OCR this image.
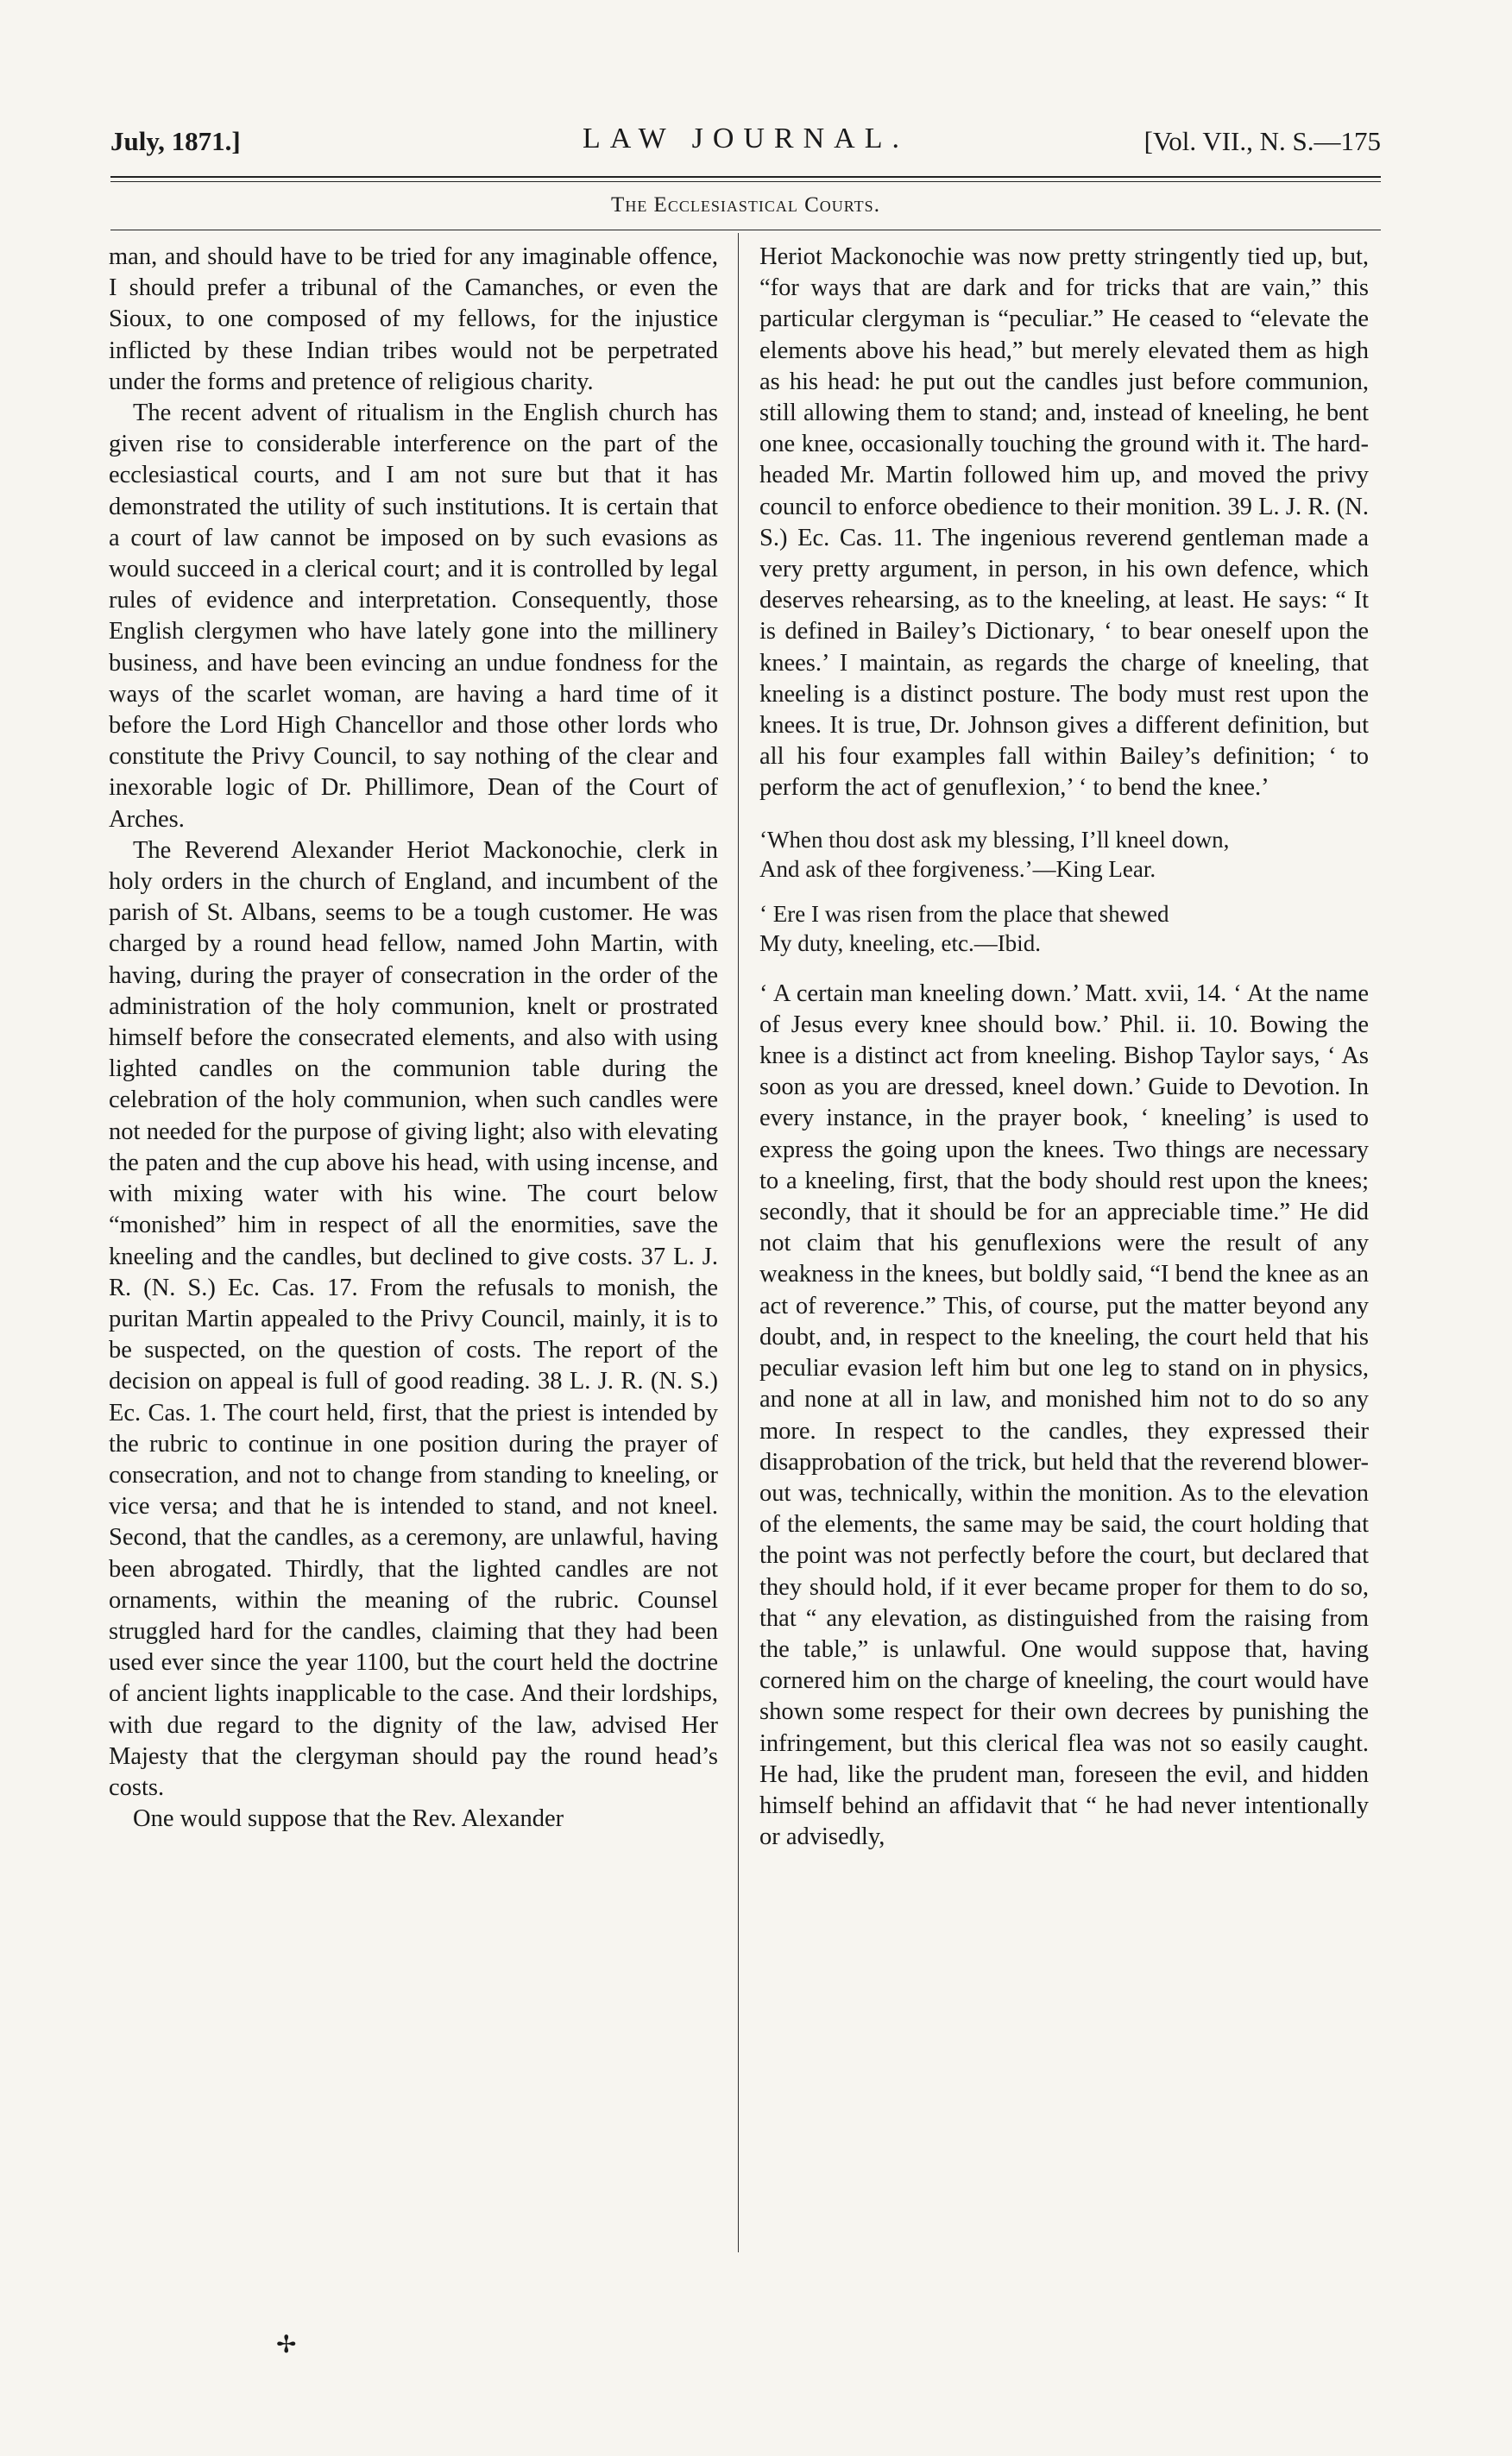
July, 1871.]	LAW JOURNAL.	[Vol. VII., N. S.—175
The Ecclesiastical Courts.

man, and should have to be tried for any imaginable offence, I should prefer a tribunal of the Camanches, or even the Sioux, to one composed of my fellows, for the injustice inflicted by these Indian tribes would not be perpetrated under the forms and pretence of religious charity.

The recent advent of ritualism in the English church has given rise to considerable interference on the part of the ecclesiastical courts, and I am not sure but that it has demonstrated the utility of such institutions. It is certain that a court of law cannot be imposed on by such evasions as would succeed in a clerical court; and it is controlled by legal rules of evidence and interpretation. Consequently, those English clergymen who have lately gone into the millinery business, and have been evincing an undue fondness for the ways of the scarlet woman, are having a hard time of it before the Lord High Chancellor and those other lords who constitute the Privy Council, to say nothing of the clear and inexorable logic of Dr. Phillimore, Dean of the Court of Arches.

The Reverend Alexander Heriot Mackonochie, clerk in holy orders in the church of England, and incumbent of the parish of St. Albans, seems to be a tough customer. He was charged by a round head fellow, named John Martin, with having, during the prayer of consecration in the order of the administration of the holy communion, knelt or prostrated himself before the consecrated elements, and also with using lighted candles on the communion table during the celebration of the holy communion, when such candles were not needed for the purpose of giving light; also with elevating the paten and the cup above his head, with using incense, and with mixing water with his wine. The court below “monished” him in respect of all the enormities, save the kneeling and the candles, but declined to give costs. 37 L. J. R. (N. S.) Ec. Cas. 17. From the refusals to monish, the puritan Martin appealed to the Privy Council, mainly, it is to be suspected, on the question of costs. The report of the decision on appeal is full of good reading. 38 L. J. R. (N. S.) Ec. Cas. 1. The court held, first, that the priest is intended by the rubric to continue in one position during the prayer of consecration, and not to change from standing to kneeling, or vice versa; and that he is intended to stand, and not kneel. Second, that the candles, as a ceremony, are unlawful, having been abrogated. Thirdly, that the lighted candles are not ornaments, within the meaning of the rubric. Counsel struggled hard for the candles, claiming that they had been used ever since the year 1100, but the court held the doctrine of ancient lights inapplicable to the case. And their lordships, with due regard to the dignity of the law, advised Her Majesty that the clergyman should pay the round head’s costs.

One would suppose that the Rev. Alexander

Heriot Mackonochie was now pretty stringently tied up, but, “for ways that are dark and for tricks that are vain,” this particular clergyman is “peculiar.” He ceased to “elevate the elements above his head,” but merely elevated them as high as his head: he put out the candles just before communion, still allowing them to stand; and, instead of kneeling, he bent one knee, occasionally touching the ground with it. The hard-headed Mr. Martin followed him up, and moved the privy council to enforce obedience to their monition. 39 L. J. R. (N. S.) Ec. Cas. 11. The ingenious reverend gentleman made a very pretty argument, in person, in his own defence, which deserves rehearsing, as to the kneeling, at least. He says: “ It is defined in Bailey’s Dictionary, ‘ to bear oneself upon the knees.’ I maintain, as regards the charge of kneeling, that kneeling is a distinct posture. The body must rest upon the knees. It is true, Dr. Johnson gives a different definition, but all his four examples fall within Bailey’s definition; ‘ to perform the act of genuflexion,’ ‘ to bend the knee.’

‘When thou dost ask my blessing, I’ll kneel down,
And ask of thee forgiveness.’—King Lear.
‘ Ere I was risen from the place that shewed
My duty, kneeling, etc.—Ibid.

‘ A certain man kneeling down.’ Matt. xvii, 14. ‘ At the name of Jesus every knee should bow.’ Phil. ii. 10. Bowing the knee is a distinct act from kneeling. Bishop Taylor says, ‘ As soon as you are dressed, kneel down.’ Guide to Devotion. In every instance, in the prayer book, ‘ kneeling’ is used to express the going upon the knees. Two things are necessary to a kneeling, first, that the body should rest upon the knees; secondly, that it should be for an appreciable time.” He did not claim that his genuflexions were the result of any weakness in the knees, but boldly said, “I bend the knee as an act of reverence.” This, of course, put the matter beyond any doubt, and, in respect to the kneeling, the court held that his peculiar evasion left him but one leg to stand on in physics, and none at all in law, and monished him not to do so any more. In respect to the candles, they expressed their disapprobation of the trick, but held that the reverend blower-out was, technically, within the monition. As to the elevation of the elements, the same may be said, the court holding that the point was not perfectly before the court, but declared that they should hold, if it ever became proper for them to do so, that “ any elevation, as distinguished from the raising from the table,” is unlawful. One would suppose that, having cornered him on the charge of kneeling, the court would have shown some respect for their own decrees by punishing the infringement, but this clerical flea was not so easily caught. He had, like the prudent man, foreseen the evil, and hidden himself behind an affidavit that “ he had never intentionally or advisedly,

✢
